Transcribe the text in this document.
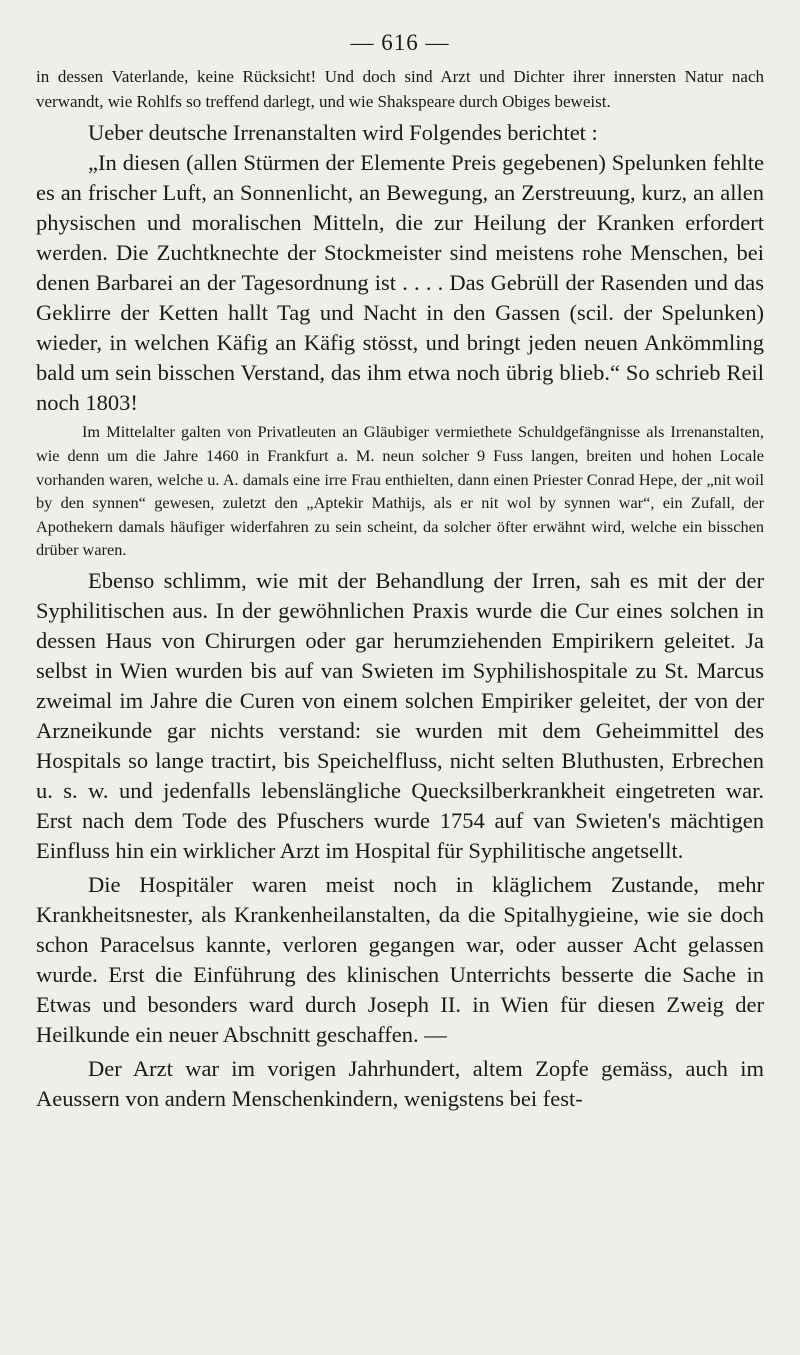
— 616 —

in dessen Vaterlande, keine Rücksicht! Und doch sind Arzt und Dichter ihrer innersten Natur nach verwandt, wie Rohlfs so treffend darlegt, und wie Shakspeare durch Obiges beweist.

Ueber deutsche Irrenanstalten wird Folgendes berichtet :

„In diesen (allen Stürmen der Elemente Preis gegebenen) Spelunken fehlte es an frischer Luft, an Sonnenlicht, an Bewegung, an Zerstreuung, kurz, an allen physischen und moralischen Mitteln, die zur Heilung der Kranken erfordert werden. Die Zuchtknechte der Stockmeister sind meistens rohe Menschen, bei denen Barbarei an der Tagesordnung ist . . . . Das Gebrüll der Rasenden und das Geklirre der Ketten hallt Tag und Nacht in den Gassen (scil. der Spelunken) wieder, in welchen Käfig an Käfig stösst, und bringt jeden neuen Ankömmling bald um sein bisschen Verstand, das ihm etwa noch übrig blieb.“ So schrieb Reil noch 1803!

Im Mittelalter galten von Privatleuten an Gläubiger vermiethete Schuldgefängnisse als Irrenanstalten, wie denn um die Jahre 1460 in Frankfurt a. M. neun solcher 9 Fuss langen, breiten und hohen Locale vorhanden waren, welche u. A. damals eine irre Frau enthielten, dann einen Priester Conrad Hepe, der „nit woil by den synnen“ gewesen, zuletzt den „Aptekir Mathijs, als er nit wol by synnen war“, ein Zufall, der Apothekern damals häufiger widerfahren zu sein scheint, da solcher öfter erwähnt wird, welche ein bisschen drüber waren.

Ebenso schlimm, wie mit der Behandlung der Irren, sah es mit der der Syphilitischen aus. In der gewöhnlichen Praxis wurde die Cur eines solchen in dessen Haus von Chirurgen oder gar herumziehenden Empirikern geleitet. Ja selbst in Wien wurden bis auf van Swieten im Syphilishospitale zu St. Marcus zweimal im Jahre die Curen von einem solchen Empiriker geleitet, der von der Arzneikunde gar nichts verstand: sie wurden mit dem Geheimmittel des Hospitals so lange tractirt, bis Speichelfluss, nicht selten Bluthusten, Erbrechen u. s. w. und jedenfalls lebenslängliche Quecksilberkrankheit eingetreten war. Erst nach dem Tode des Pfuschers wurde 1754 auf van Swieten's mächtigen Einfluss hin ein wirklicher Arzt im Hospital für Syphilitische angetsellt.

Die Hospitäler waren meist noch in kläglichem Zustande, mehr Krankheitsnester, als Krankenheilanstalten, da die Spitalhygieine, wie sie doch schon Paracelsus kannte, verloren gegangen war, oder ausser Acht gelassen wurde. Erst die Einführung des klinischen Unterrichts besserte die Sache in Etwas und besonders ward durch Joseph II. in Wien für diesen Zweig der Heilkunde ein neuer Abschnitt geschaffen. —

Der Arzt war im vorigen Jahrhundert, altem Zopfe gemäss, auch im Aeussern von andern Menschenkindern, wenigstens bei fest-
